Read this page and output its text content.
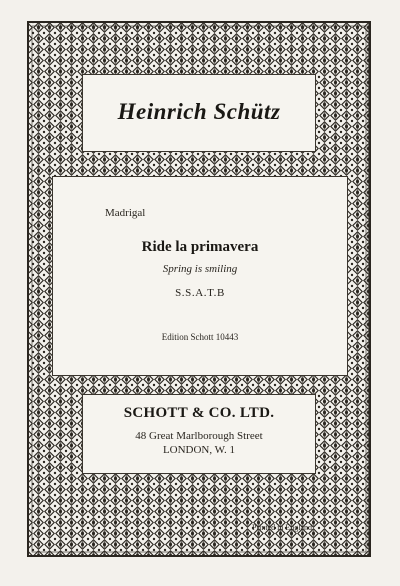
Heinrich Schütz
Madrigal
Ride la primavera
Spring is smiling
S.S.A.T.B
Edition Schott 10443
SCHOTT & CO. LTD.
48 Great Marlborough Street
LONDON, W. 1
Printed in England
